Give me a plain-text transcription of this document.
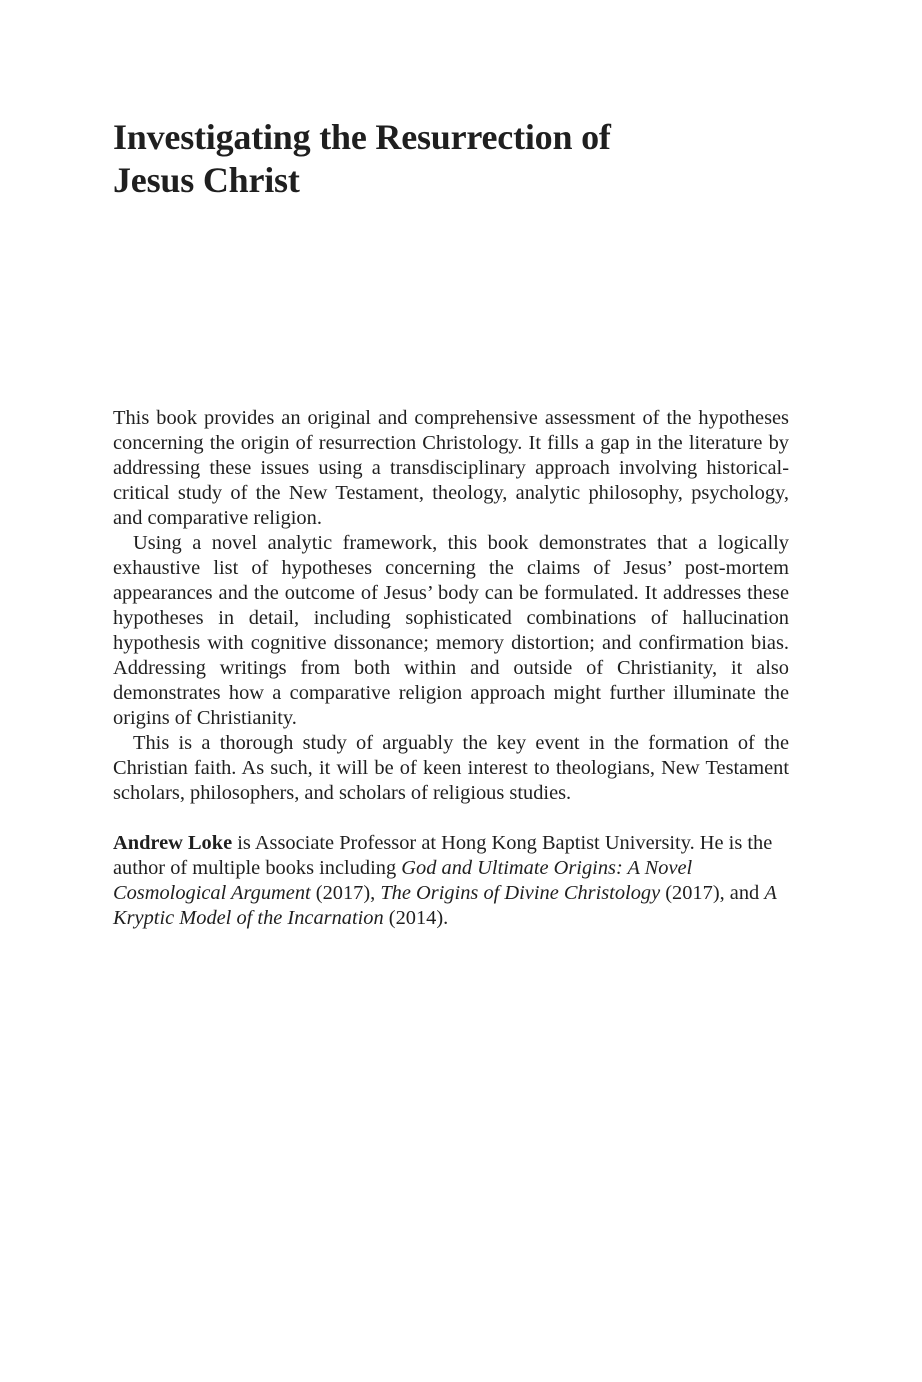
Investigating the Resurrection of
Jesus Christ

This book provides an original and comprehensive assessment of the hypotheses concerning the origin of resurrection Christology. It fills a gap in the literature by addressing these issues using a transdisciplinary approach involving historical-critical study of the New Testament, theology, analytic philosophy, psychology, and comparative religion.

Using a novel analytic framework, this book demonstrates that a logically exhaustive list of hypotheses concerning the claims of Jesus’ post-mortem appearances and the outcome of Jesus’ body can be formulated. It addresses these hypotheses in detail, including sophisticated combinations of hallucination hypothesis with cognitive dissonance; memory distortion; and confirmation bias. Addressing writings from both within and outside of Christianity, it also demonstrates how a comparative religion approach might further illuminate the origins of Christianity.

This is a thorough study of arguably the key event in the formation of the Christian faith. As such, it will be of keen interest to theologians, New Testament scholars, philosophers, and scholars of religious studies.

Andrew Loke is Associate Professor at Hong Kong Baptist University. He is the author of multiple books including God and Ultimate Origins: A Novel Cosmological Argument (2017), The Origins of Divine Christology (2017), and A Kryptic Model of the Incarnation (2014).
